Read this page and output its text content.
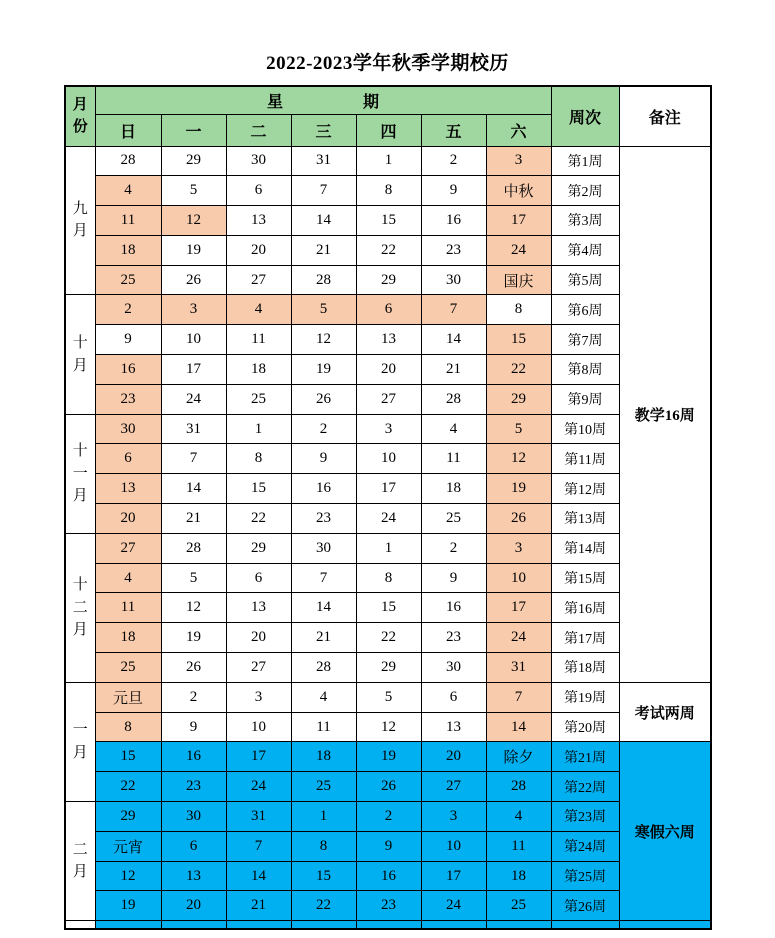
2022-2023学年秋季学期校历
月份	星期							周次	备注
	日	一	二	三	四	五	六		
九月	28	29	30	31	1	2	3	第1周	教学16周
	4	5	6	7	8	9	中秋	第2周	
	11	12	13	14	15	16	17	第3周	
	18	19	20	21	22	23	24	第4周	
	25	26	27	28	29	30	国庆	第5周	
十月	2	3	4	5	6	7	8	第6周	
	9	10	11	12	13	14	15	第7周	
	16	17	18	19	20	21	22	第8周	
	23	24	25	26	27	28	29	第9周	
十一月	30	31	1	2	3	4	5	第10周	
	6	7	8	9	10	11	12	第11周	
	13	14	15	16	17	18	19	第12周	
	20	21	22	23	24	25	26	第13周	
十二月	27	28	29	30	1	2	3	第14周	
	4	5	6	7	8	9	10	第15周	
	11	12	13	14	15	16	17	第16周	
	18	19	20	21	22	23	24	第17周	
	25	26	27	28	29	30	31	第18周	
一月	元旦	2	3	4	5	6	7	第19周	考试两周
	8	9	10	11	12	13	14	第20周	
	15	16	17	18	19	20	除夕	第21周	寒假六周
	22	23	24	25	26	27	28	第22周	
二月	29	30	31	1	2	3	4	第23周	
	元宵	6	7	8	9	10	11	第24周	
	12	13	14	15	16	17	18	第25周	
	19	20	21	22	23	24	25	第26周	
